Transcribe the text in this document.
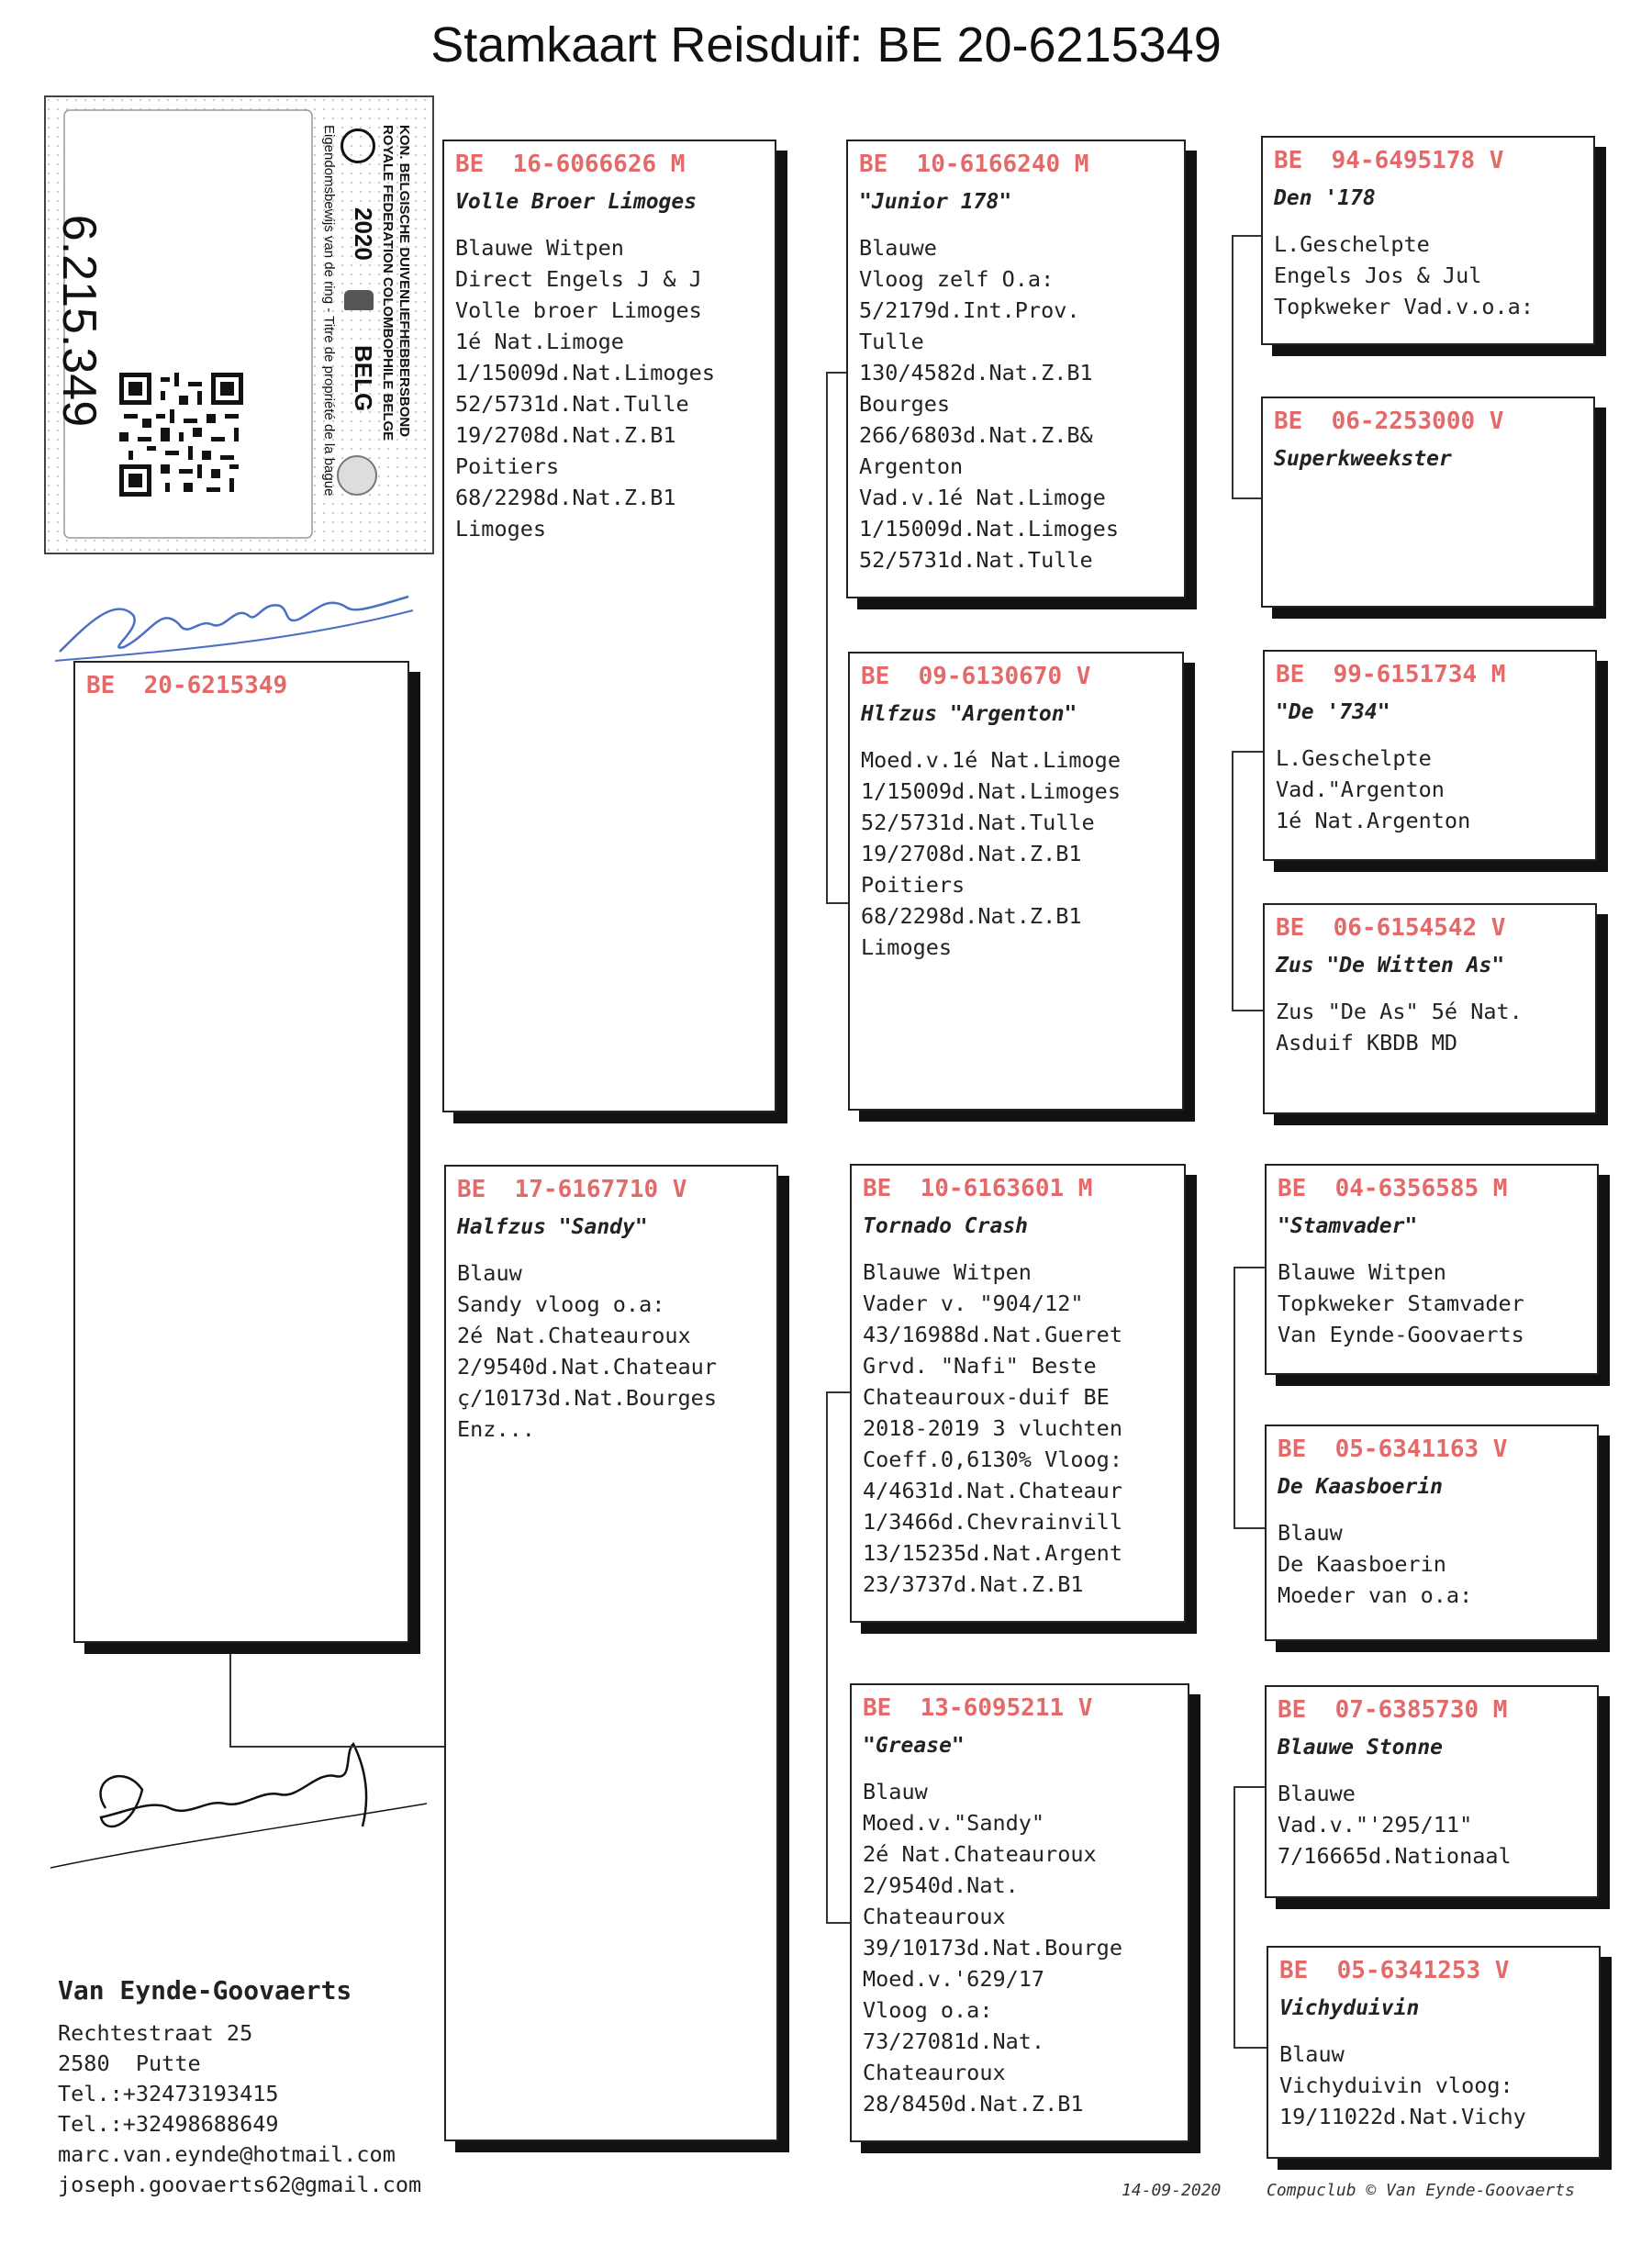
Stamkaart Reisduif: BE 20-6215349

6.215.349
	KON. BELGISCHE DUIVENLIEFHEBBERSBOND
ROYALE FEDERATION COLOMBOPHILE BELGE
2020
BELG
Eigendomsbewijs van de ring - Titre de propriété de la bague
BE  20-6215349
BE  16-6066626 M
Volle Broer Limoges
Blauwe Witpen
Direct Engels J & J
Volle broer Limoges
1é Nat.Limoge
1/15009d.Nat.Limoges
52/5731d.Nat.Tulle
19/2708d.Nat.Z.B1
Poitiers
68/2298d.Nat.Z.B1
Limoges
BE  17-6167710 V
Halfzus "Sandy"
Blauw
Sandy vloog o.a:
2é Nat.Chateauroux
2/9540d.Nat.Chateaur
ç/10173d.Nat.Bourges
Enz...
BE  10-6166240 M
"Junior 178"
Blauwe
Vloog zelf O.a:
5/2179d.Int.Prov.
Tulle
130/4582d.Nat.Z.B1
Bourges
266/6803d.Nat.Z.B&
Argenton
Vad.v.1é Nat.Limoge
1/15009d.Nat.Limoges
52/5731d.Nat.Tulle
BE  09-6130670 V
Hlfzus "Argenton"
Moed.v.1é Nat.Limoge
1/15009d.Nat.Limoges
52/5731d.Nat.Tulle
19/2708d.Nat.Z.B1
Poitiers
68/2298d.Nat.Z.B1
Limoges
BE  10-6163601 M
Tornado Crash
Blauwe Witpen
Vader v. "904/12"
43/16988d.Nat.Gueret
Grvd. "Nafi" Beste
Chateauroux-duif BE
2018-2019 3 vluchten
Coeff.0,6130% Vloog:
4/4631d.Nat.Chateaur
1/3466d.Chevrainvill
13/15235d.Nat.Argent
23/3737d.Nat.Z.B1
BE  13-6095211 V
"Grease"
Blauw
Moed.v."Sandy"
2é Nat.Chateauroux
2/9540d.Nat.
Chateauroux
39/10173d.Nat.Bourge
Moed.v.'629/17
Vloog o.a:
73/27081d.Nat.
Chateauroux
28/8450d.Nat.Z.B1
BE  94-6495178 V
Den '178
L.Geschelpte
Engels Jos & Jul
Topkweker Vad.v.o.a:
BE  06-2253000 V
Superkweekster
BE  99-6151734 M
"De '734"
L.Geschelpte
Vad."Argenton
1é Nat.Argenton
BE  06-6154542 V
Zus "De Witten As"
Zus "De As" 5é Nat.
Asduif KBDB MD
BE  04-6356585 M
"Stamvader"
Blauwe Witpen
Topkweker Stamvader
Van Eynde-Goovaerts
BE  05-6341163 V
De Kaasboerin
Blauw
De Kaasboerin
Moeder van o.a:
BE  07-6385730 M
Blauwe Stonne
Blauwe
Vad.v."'295/11"
7/16665d.Nationaal
BE  05-6341253 V
Vichyduivin
Blauw
Vichyduivin vloog:
19/11022d.Nat.Vichy
Van Eynde-Goovaerts
Rechtestraat 25
2580  Putte
Tel.:+32473193415
Tel.:+32498688649
marc.van.eynde@hotmail.com
joseph.goovaerts62@gmail.com	14-09-2020	Compuclub © Van Eynde-Goovaerts
